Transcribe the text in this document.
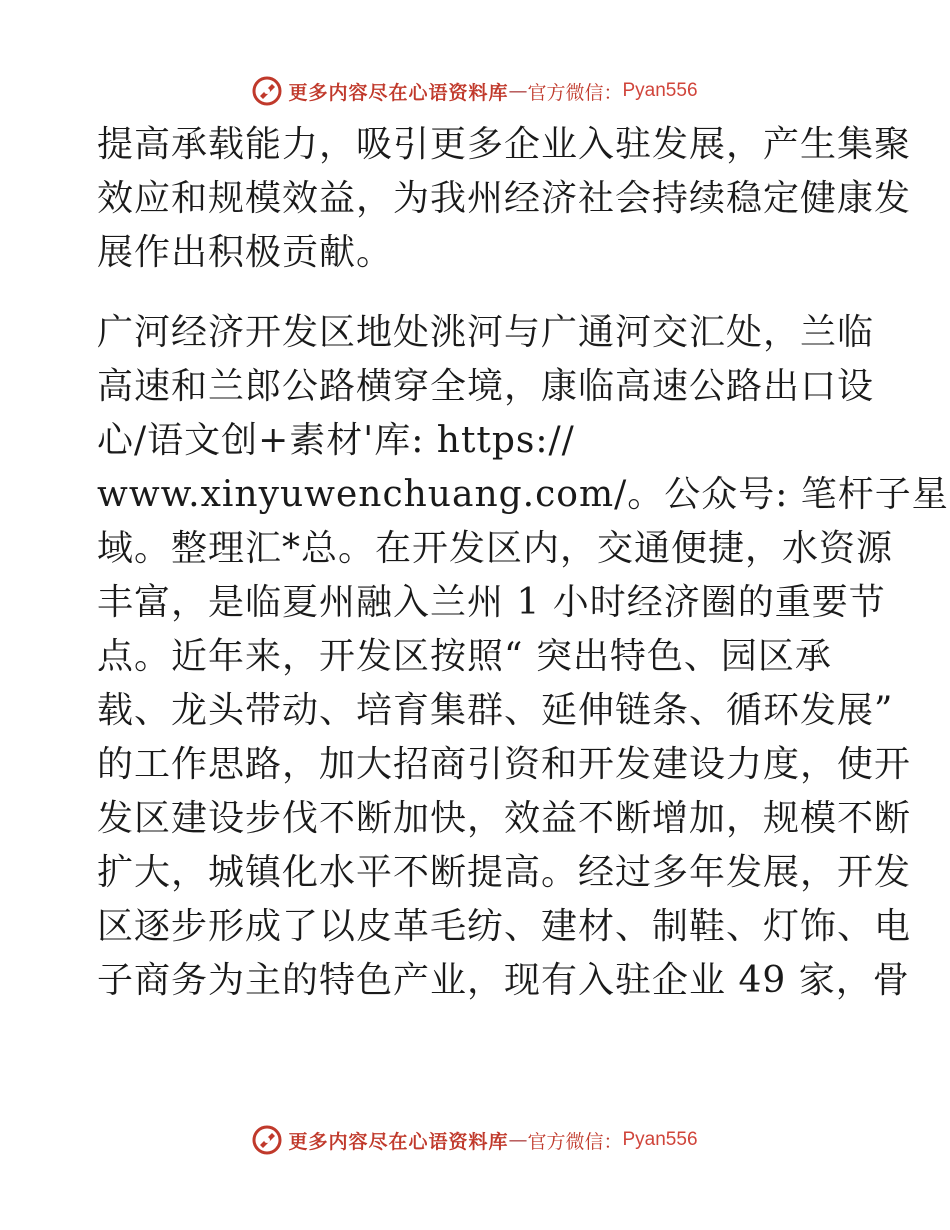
更多内容尽在心语资料库 — 官方微信： Pyan556
提高承载能力，吸引更多企业入驻发展，产生集聚
效应和规模效益，为我州经济社会持续稳定健康发
展作出积极贡献。
广河经济开发区地处洮河与广通河交汇处，兰临
高速和兰郎公路横穿全境，康临高速公路出口设
心/语文创+素材'库: https://
www.xinyuwenchuang.com/。公众号: 笔杆子星
域。整理汇*总。在开发区内，交通便捷，水资源
丰富，是临夏州融入兰州 1 小时经济圈的重要节
点。近年来，开发区按照“ 突出特色、园区承
载、龙头带动、培育集群、延伸链条、循环发展”
的工作思路，加大招商引资和开发建设力度，使开
发区建设步伐不断加快，效益不断增加，规模不断
扩大，城镇化水平不断提高。经过多年发展，开发
区逐步形成了以皮革毛纺、建材、制鞋、灯饰、电
子商务为主的特色产业，现有入驻企业 49 家，骨
更多内容尽在心语资料库 — 官方微信： Pyan556
